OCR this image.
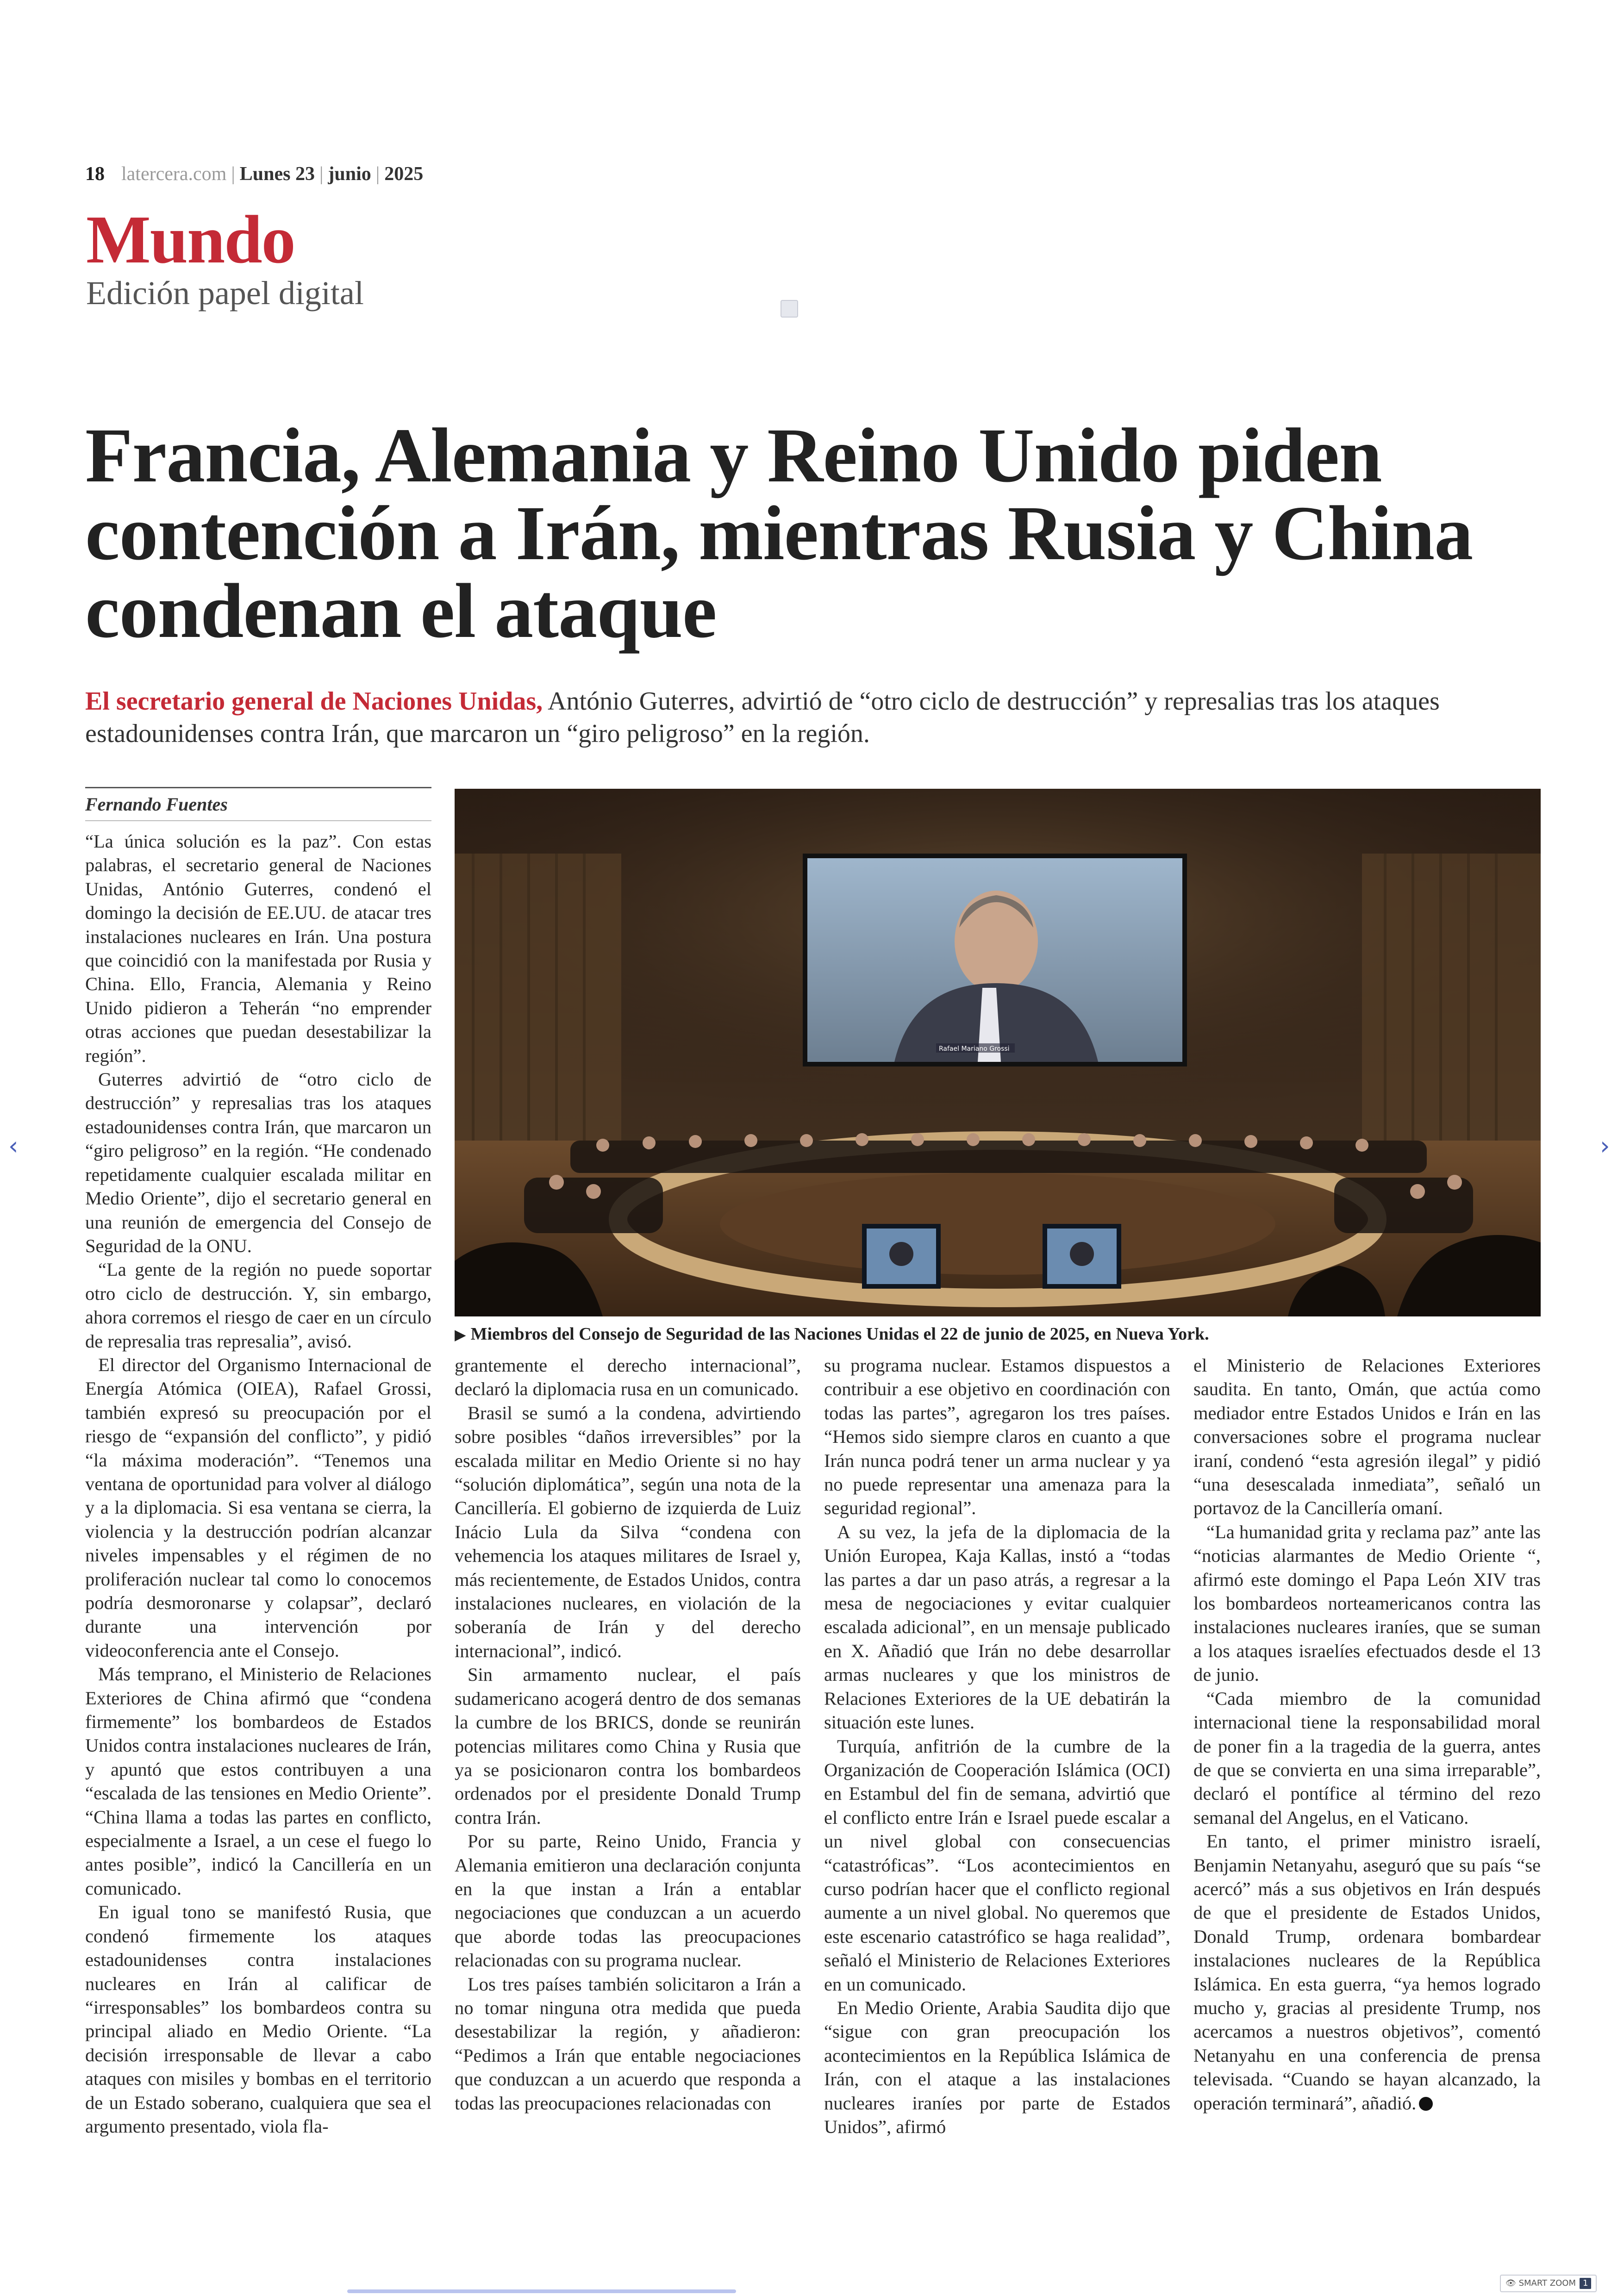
18 latercera.com | Lunes 23 | junio | 2025
Mundo
Edición papel digital
Francia, Alemania y Reino Unido piden contención a Irán, mientras Rusia y China condenan el ataque
El secretario general de Naciones Unidas, António Guterres, advirtió de “otro ciclo de destrucción” y represalias tras los ataques estadounidenses contra Irán, que marcaron un “giro peligroso” en la región.
Fernando Fuentes

“La única solución es la paz”. Con estas palabras, el secretario general de Naciones Unidas, António Guterres, condenó el domingo la decisión de EE.UU. de atacar tres instalaciones nucleares en Irán. Una postura que coincidió con la manifestada por Rusia y China. Ello, Francia, Alemania y Reino Unido pidieron a Teherán “no emprender otras acciones que puedan desestabilizar la región”.

Guterres advirtió de “otro ciclo de destrucción” y represalias tras los ataques estadounidenses contra Irán, que marcaron un “giro peligroso” en la región. “He condenado repetidamente cualquier escalada militar en Medio Oriente”, dijo el secretario general en una reunión de emergencia del Consejo de Seguridad de la ONU.

“La gente de la región no puede soportar otro ciclo de destrucción. Y, sin embargo, ahora corremos el riesgo de caer en un círculo de represalia tras represalia”, avisó.

El director del Organismo Internacional de Energía Atómica (OIEA), Rafael Grossi, también expresó su preocupación por el riesgo de “expansión del conflicto”, y pidió “la máxima moderación”. “Tenemos una ventana de oportunidad para volver al diálogo y a la diplomacia. Si esa ventana se cierra, la violencia y la destrucción podrían alcanzar niveles impensables y el régimen de no proliferación nuclear tal como lo conocemos podría desmoronarse y colapsar”, declaró durante una intervención por videoconferencia ante el Consejo.

Más temprano, el Ministerio de Relaciones Exteriores de China afirmó que “condena firmemente” los bombardeos de Estados Unidos contra instalaciones nucleares de Irán, y apuntó que estos contribuyen a una “escalada de las tensiones en Medio Oriente”. “China llama a todas las partes en conflicto, especialmente a Israel, a un cese el fuego lo antes posible”, indicó la Cancillería en un comunicado.

En igual tono se manifestó Rusia, que condenó firmemente los ataques estadounidenses contra instalaciones nucleares en Irán al calificar de “irresponsables” los bombardeos contra su principal aliado en Medio Oriente. “La decisión irresponsable de llevar a cabo ataques con misiles y bombas en el territorio de un Estado soberano, cualquiera que sea el argumento presentado, viola fla-

Rafael Mariano Grossi
▶ Miembros del Consejo de Seguridad de las Naciones Unidas el 22 de junio de 2025, en Nueva York.

grantemente el derecho internacional”, declaró la diplomacia rusa en un comunicado.

Brasil se sumó a la condena, advirtiendo sobre posibles “daños irreversibles” por la escalada militar en Medio Oriente si no hay “solución diplomática”, según una nota de la Cancillería. El gobierno de izquierda de Luiz Inácio Lula da Silva “condena con vehemencia los ataques militares de Israel y, más recientemente, de Estados Unidos, contra instalaciones nucleares, en violación de la soberanía de Irán y del derecho internacional”, indicó.

Sin armamento nuclear, el país sudamericano acogerá dentro de dos semanas la cumbre de los BRICS, donde se reunirán potencias militares como China y Rusia que ya se posicionaron contra los bombardeos ordenados por el presidente Donald Trump contra Irán.

Por su parte, Reino Unido, Francia y Alemania emitieron una declaración conjunta en la que instan a Irán a entablar negociaciones que conduzcan a un acuerdo que aborde todas las preocupaciones relacionadas con su programa nuclear.

Los tres países también solicitaron a Irán a no tomar ninguna otra medida que pueda desestabilizar la región, y añadieron: “Pedimos a Irán que entable negociaciones que conduzcan a un acuerdo que responda a todas las preocupaciones relacionadas con

su programa nuclear. Estamos dispuestos a contribuir a ese objetivo en coordinación con todas las partes”, agregaron los tres países. “Hemos sido siempre claros en cuanto a que Irán nunca podrá tener un arma nuclear y ya no puede representar una amenaza para la seguridad regional”.

A su vez, la jefa de la diplomacia de la Unión Europea, Kaja Kallas, instó a “todas las partes a dar un paso atrás, a regresar a la mesa de negociaciones y evitar cualquier escalada adicional”, en un mensaje publicado en X. Añadió que Irán no debe desarrollar armas nucleares y que los ministros de Relaciones Exteriores de la UE debatirán la situación este lunes.

Turquía, anfitrión de la cumbre de la Organización de Cooperación Islámica (OCI) en Estambul del fin de semana, advirtió que el conflicto entre Irán e Israel puede escalar a un nivel global con consecuencias “catastróficas”. “Los acontecimientos en curso podrían hacer que el conflicto regional aumente a un nivel global. No queremos que este escenario catastrófico se haga realidad”, señaló el Ministerio de Relaciones Exteriores en un comunicado.

En Medio Oriente, Arabia Saudita dijo que “sigue con gran preocupación los acontecimientos en la República Islámica de Irán, con el ataque a las instalaciones nucleares iraníes por parte de Estados Unidos”, afirmó

el Ministerio de Relaciones Exteriores saudita. En tanto, Omán, que actúa como mediador entre Estados Unidos e Irán en las conversaciones sobre el programa nuclear iraní, condenó “esta agresión ilegal” y pidió “una desescalada inmediata”, señaló un portavoz de la Cancillería omaní.

“La humanidad grita y reclama paz” ante las “noticias alarmantes de Medio Oriente “, afirmó este domingo el Papa León XIV tras los bombardeos norteamericanos contra las instalaciones nucleares iraníes, que se suman a los ataques israelíes efectuados desde el 13 de junio.

“Cada miembro de la comunidad internacional tiene la responsabilidad moral de poner fin a la tragedia de la guerra, antes de que se convierta en una sima irreparable”, declaró el pontífice al término del rezo semanal del Angelus, en el Vaticano.

En tanto, el primer ministro israelí, Benjamin Netanyahu, aseguró que su país “se acercó” más a sus objetivos en Irán después de que el presidente de Estados Unidos, Donald Trump, ordenara bombardear instalaciones nucleares de la República Islámica. En esta guerra, “ya hemos logrado mucho y, gracias al presidente Trump, nos acercamos a nuestros objetivos”, comentó Netanyahu en una conferencia de prensa televisada. “Cuando se hayan alcanzado, la operación terminará”, añadió.

‹	›
👁 SMART ZOOM 1
